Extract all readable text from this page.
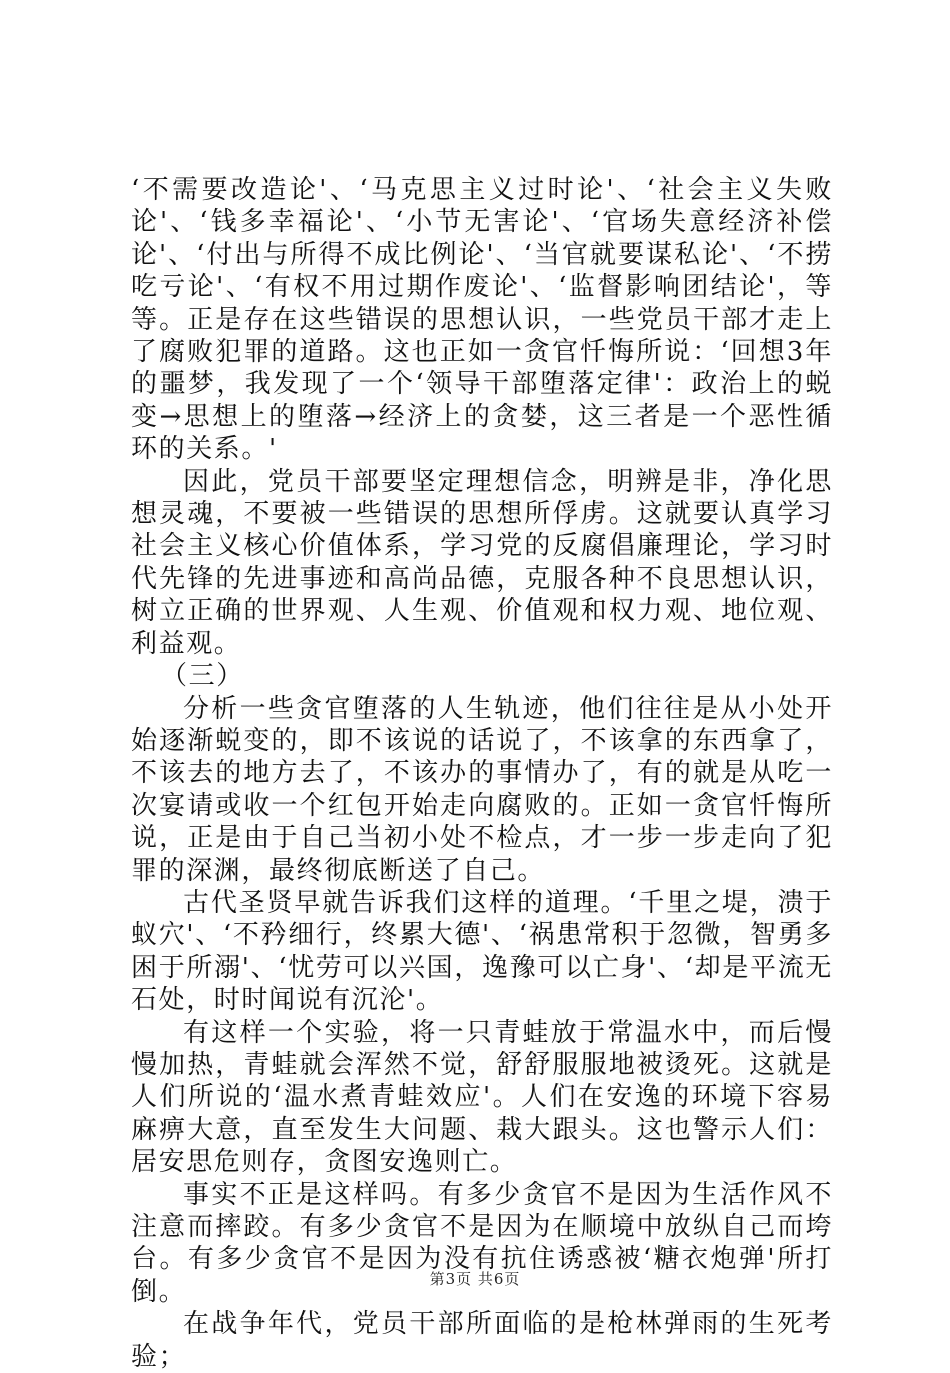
‘不需要改造论'、‘马克思主义过时论'、‘社会主义失败论'、‘钱多幸福论'、‘小节无害论'、‘官场失意经济补偿论'、‘付出与所得不成比例论'、‘当官就要谋私论'、‘不捞吃亏论'、‘有权不用过期作废论'、‘监督影响团结论'，等等。正是存在这些错误的思想认识，一些党员干部才走上了腐败犯罪的道路。这也正如一贪官忏悔所说：‘回想3年的噩梦，我发现了一个‘领导干部堕落定律'：政治上的蜕变→思想上的堕落→经济上的贪婪，这三者是一个恶性循环的关系。'

因此，党员干部要坚定理想信念，明辨是非，净化思想灵魂，不要被一些错误的思想所俘虏。这就要认真学习社会主义核心价值体系，学习党的反腐倡廉理论，学习时代先锋的先进事迹和高尚品德，克服各种不良思想认识，树立正确的世界观、人生观、价值观和权力观、地位观、利益观。

（三）

分析一些贪官堕落的人生轨迹，他们往往是从小处开始逐渐蜕变的，即不该说的话说了，不该拿的东西拿了，不该去的地方去了，不该办的事情办了，有的就是从吃一次宴请或收一个红包开始走向腐败的。正如一贪官忏悔所说，正是由于自己当初小处不检点，才一步一步走向了犯罪的深渊，最终彻底断送了自己。

古代圣贤早就告诉我们这样的道理。‘千里之堤，溃于蚁穴'、‘不矜细行，终累大德'、‘祸患常积于忽微，智勇多困于所溺'、‘忧劳可以兴国，逸豫可以亡身'、‘却是平流无石处，时时闻说有沉沦'。

有这样一个实验，将一只青蛙放于常温水中，而后慢慢加热，青蛙就会浑然不觉，舒舒服服地被烫死。这就是人们所说的‘温水煮青蛙效应'。人们在安逸的环境下容易麻痹大意，直至发生大问题、栽大跟头。这也警示人们：居安思危则存，贪图安逸则亡。

事实不正是这样吗。有多少贪官不是因为生活作风不注意而摔跤。有多少贪官不是因为在顺境中放纵自己而垮台。有多少贪官不是因为没有抗住诱惑被‘糖衣炮弹'所打倒。

在战争年代，党员干部所面临的是枪林弹雨的生死考验；

第3页 共6页
